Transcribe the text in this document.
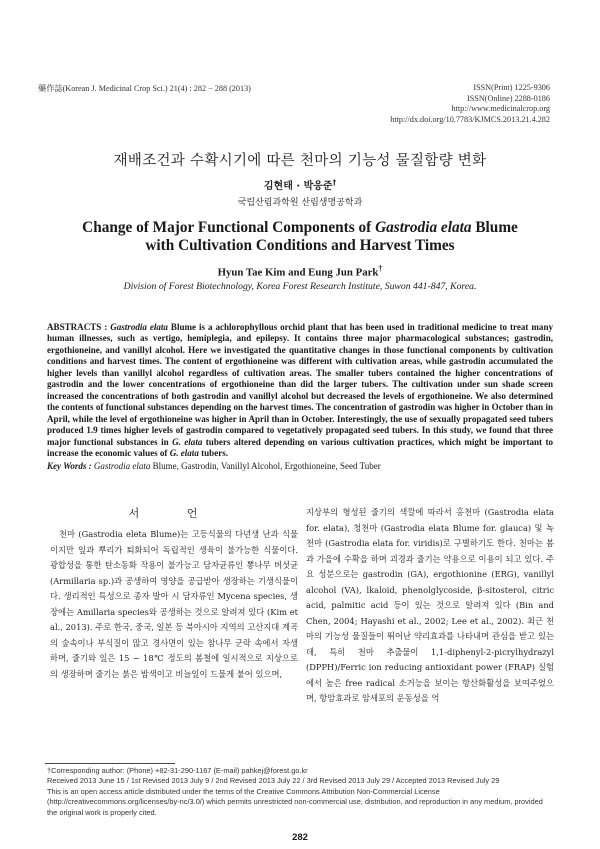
藥作誌(Korean J. Medicinal Crop Sci.) 21(4) : 282 − 288 (2013)	ISSN(Print) 1225-9306
ISSN(Online) 2288-0186
http://www.medicinalcrop.org
http://dx.doi.org/10.7783/KJMCS.2013.21.4.282
재배조건과 수확시기에 따른 천마의 기능성 물질함량 변화
김현태 · 박응준†
국립산림과학원 산림생명공학과
Change of Major Functional Components of Gastrodia elata Blume
with Cultivation Conditions and Harvest Times
Hyun Tae Kim and Eung Jun Park†
Division of Forest Biotechnology, Korea Forest Research Institute, Suwon 441-847, Korea.
ABSTRACTS : Gastrodia elata Blume is a achlorophyllous orchid plant that has been used in traditional medicine to treat many human illnesses, such as vertigo, hemiplegia, and epilepsy. It contains three major pharmacological substances; gastrodin, ergothioneine, and vanillyl alcohol. Here we investigated the quantitative changes in those functional components by cultivation conditions and harvest times. The content of ergothioneine was different with cultivation areas, while gastrodin accumulated the higher levels than vanillyl alcohol regardless of cultivation areas. The smaller tubers contained the higher concentrations of gastrodin and the lower concentrations of ergothioneine than did the larger tubers. The cultivation under sun shade screen increased the concentrations of both gastrodin and vanillyl alcohol but decreased the levels of ergothioneine. We also determined the contents of functional substances depending on the harvest times. The concentration of gastrodin was higher in October than in April, while the level of ergothioneine was higher in April than in October. Interestingly, the use of sexually propagated seed tubers produced 1.9 times higher levels of gastrodin compared to vegetatively propagated seed tubers. In this study, we found that three major functional substances in G. elata tubers altered depending on various cultivation practices, which might be important to increase the economic values of G. elata tubers.
Key Words : Gastrodia elata Blume, Gastrodin, Vanillyl Alcohol, Ergothioneine, Seed Tuber
서 언
천마 (Gastrodia eleta Blume)는 고등식물의 다년생 난과 식물이지만 잎과 뿌리가 퇴화되어 독립적인 생육이 불가능한 식물이다. 광합성을 통한 탄소동화 작용이 불가능고 담자균류인 뽕나무 버섯균 (Armillaria sp.)과 공생하여 영양을 공급받아 생장하는 기생식물이다. 생리적인 특성으로 종자 발아 시 담자류인 Mycena species, 생장에는 Amillaria species와 공생하는 것으로 알려져 있다 (Kim et al., 2013). 주로 한국, 중국, 일본 등 북아시아 지역의 고산지대 계곡의 숲속이나 부식질이 많고 경사면이 있는 참나무 군락 속에서 자생하며, 줄기와 잎은 15 − 18℃ 정도의 봄철에 일시적으로 지상으로의 생장하며 줄기는 붉은 밤색이고 비늘잎이 드물게 붙어 있으며,
지상부의 형성된 줄기의 색깔에 따라서 홍천마 (Gastrodia elata for. elata), 청천마 (Gastrodia elata Blume for. glauca) 및 녹천마 (Gastrodia elata for. viridis)로 구별하기도 한다. 천마는 봄과 가을에 수확을 하며 괴경과 줄기는 약용으로 이용이 되고 있다. 주요 성분으로는 gastrodin (GA), ergothionine (ERG), vanillyl alcohol (VA), lkaloid, phenolglycoside, β-sitosterol, citric acid, palmitic acid 등이 있는 것으로 알려져 있다 (Bin and Chen, 2004; Hayashi et al., 2002; Lee et al., 2002). 최근 천마의 기능성 물질들이 뛰어난 약리효과를 나타내며 관심을 받고 있는데, 특히 천마 추출물이 1,1-diphenyl-2-picrylhydrazyl (DPPH)/Ferric ion reducing antioxidant power (FRAP) 실험에서 높은 free radical 소거능을 보이는 항산화활성을 보여주었으며, 항암효과로 암세포의 운동성을 억
†Corresponding author: (Phone) +82-31-290-1167 (E-mail) pahkej@forest.go.kr
Received 2013 June 15 / 1st Revised 2013 July 9 / 2nd Revised 2013 July 22 / 3rd Revised 2013 July 29 / Accepted 2013 Revised July 29
This is an open access article distributed under the terms of the Creative Commons Attribution Non-Commercial License (http://creativecommons.org/licenses/by-nc/3.0/) which permits unrestricted non-commercial use, distribution, and reproduction in any medium, provided the original work is properly cited.
282
